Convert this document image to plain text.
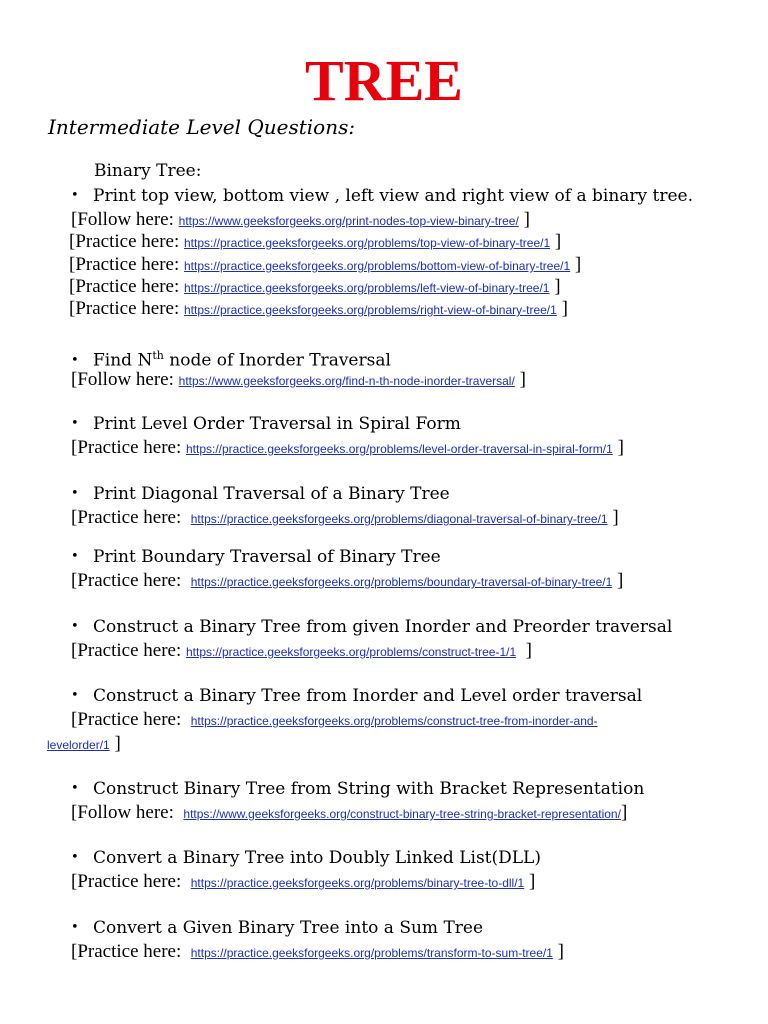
TREE
Intermediate Level Questions:
Binary Tree:
• Print top view, bottom view , left view and right view of a binary tree.
[Follow here: https://www.geeksforgeeks.org/print-nodes-top-view-binary-tree/ ]
[Practice here: https://practice.geeksforgeeks.org/problems/top-view-of-binary-tree/1 ]
[Practice here: https://practice.geeksforgeeks.org/problems/bottom-view-of-binary-tree/1 ]
[Practice here: https://practice.geeksforgeeks.org/problems/left-view-of-binary-tree/1 ]
[Practice here: https://practice.geeksforgeeks.org/problems/right-view-of-binary-tree/1 ]
• Find $N^{th}$ node of Inorder Traversal
[Follow here: https://www.geeksforgeeks.org/find-n-th-node-inorder-traversal/ ]
• Print Level Order Traversal in Spiral Form
[Practice here: https://practice.geeksforgeeks.org/problems/level-order-traversal-in-spiral-form/1 ]
• Print Diagonal Traversal of a Binary Tree
[Practice here: https://practice.geeksforgeeks.org/problems/diagonal-traversal-of-binary-tree/1 ]
• Print Boundary Traversal of Binary Tree
[Practice here: https://practice.geeksforgeeks.org/problems/boundary-traversal-of-binary-tree/1 ]
• Construct a Binary Tree from given Inorder and Preorder traversal
[Practice here: https://practice.geeksforgeeks.org/problems/construct-tree-1/1 ]
• Construct a Binary Tree from Inorder and Level order traversal
[Practice here: https://practice.geeksforgeeks.org/problems/construct-tree-from-inorder-and-
levelorder/1 ]
• Construct Binary Tree from String with Bracket Representation
[Follow here: https://www.geeksforgeeks.org/construct-binary-tree-string-bracket-representation/]
• Convert a Binary Tree into Doubly Linked List(DLL)
[Practice here: https://practice.geeksforgeeks.org/problems/binary-tree-to-dll/1 ]
• Convert a Given Binary Tree into a Sum Tree
[Practice here: https://practice.geeksforgeeks.org/problems/transform-to-sum-tree/1 ]
